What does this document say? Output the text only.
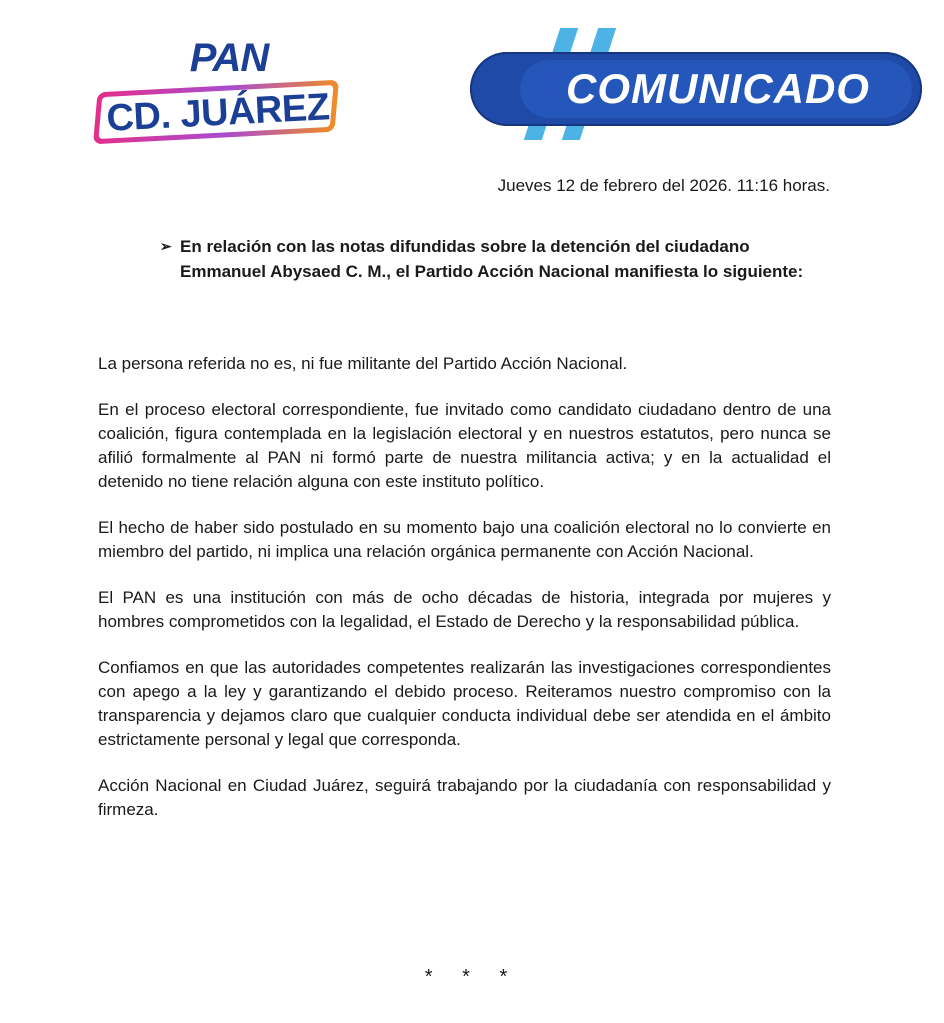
PAN
CD. JUÁREZ	COMUNICADO
Jueves 12 de febrero del 2026. 11:16 horas.
➢ En relación con las notas difundidas sobre la detención del ciudadano Emmanuel Abysaed C. M., el Partido Acción Nacional manifiesta lo siguiente:

La persona referida no es, ni fue militante del Partido Acción Nacional.

En el proceso electoral correspondiente, fue invitado como candidato ciudadano dentro de una coalición, figura contemplada en la legislación electoral y en nuestros estatutos, pero nunca se afilió formalmente al PAN ni formó parte de nuestra militancia activa; y en la actualidad el detenido no tiene relación alguna con este instituto político.

El hecho de haber sido postulado en su momento bajo una coalición electoral no lo convierte en miembro del partido, ni implica una relación orgánica permanente con Acción Nacional.

El PAN es una institución con más de ocho décadas de historia, integrada por mujeres y hombres comprometidos con la legalidad, el Estado de Derecho y la responsabilidad pública.

Confiamos en que las autoridades competentes realizarán las investigaciones correspondientes con apego a la ley y garantizando el debido proceso. Reiteramos nuestro compromiso con la transparencia y dejamos claro que cualquier conducta individual debe ser atendida en el ámbito estrictamente personal y legal que corresponda.

Acción Nacional en Ciudad Juárez, seguirá trabajando por la ciudadanía con responsabilidad y firmeza.

* * *
